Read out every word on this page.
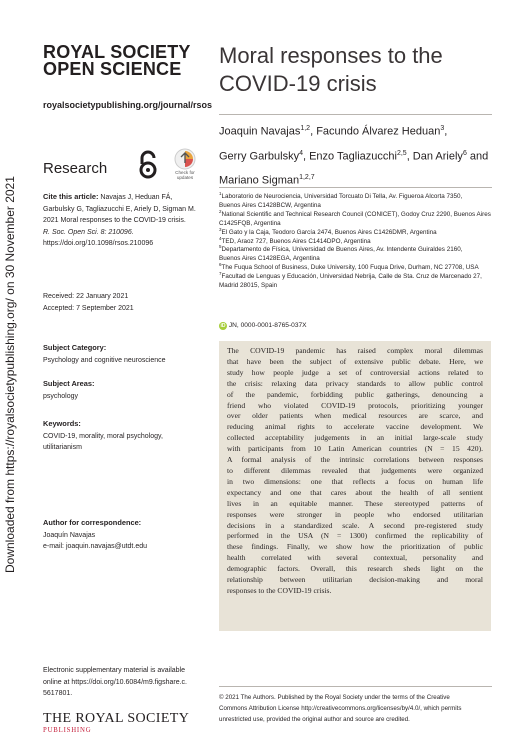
Downloaded from https://royalsocietypublishing.org/ on 30 November 2021
ROYAL SOCIETY
OPEN SCIENCE
royalsocietypublishing.org/journal/rsos
Research	Check for
updates
Cite this article: Navajas J, Heduan FÁ,
Garbulsky G, Tagliazucchi E, Ariely D, Sigman M.
2021 Moral responses to the COVID-19 crisis.
R. Soc. Open Sci. 8: 210096.
https://doi.org/10.1098/rsos.210096
Received: 22 January 2021
Accepted: 7 September 2021
Subject Category:
Psychology and cognitive neuroscience
Subject Areas:
psychology
Keywords:
COVID-19, morality, moral psychology,
utilitarianism
Author for correspondence:
Joaquín Navajas
e-mail: joaquin.navajas@utdt.edu
Electronic supplementary material is available
online at https://doi.org/10.6084/m9.figshare.c.
5617801.
THE ROYAL SOCIETY
PUBLISHING
Moral responses to the
COVID-19 crisis
Joaquin Navajas$^{1,2}$, Facundo Álvarez Heduan$^3$,
Gerry Garbulsky$^4$, Enzo Tagliazucchi$^{2,5}$, Dan Ariely$^6$ and
Mariano Sigman$^{1,2,7}$
$^1$Laboratorio de Neurociencia, Universidad Torcuato Di Tella, Av. Figueroa Alcorta 7350,
Buenos Aires C1428BCW, Argentina
$^2$National Scientific and Technical Research Council (CONICET), Godoy Cruz 2290, Buenos Aires
C1425FQB, Argentina
$^3$El Gato y la Caja, Teodoro García 2474, Buenos Aires C1426DMR, Argentina
$^4$TED, Araoz 727, Buenos Aires C1414DPO, Argentina
$^5$Departamento de Física, Universidad de Buenos Aires, Av. Intendente Guiraldes 2160,
Buenos Aires C1428EGA, Argentina
$^6$The Fuqua School of Business, Duke University, 100 Fuqua Drive, Durham, NC 27708, USA
$^7$Facultad de Lenguas y Educación, Universidad Nebrija, Calle de Sta. Cruz de Marcenado 27,
Madrid 28015, Spain
iD JN, 0000-0001-8765-037X
The COVID-19 pandemic has raised complex moral dilemmas
that have been the subject of extensive public debate. Here, we
study how people judge a set of controversial actions related to
the crisis: relaxing data privacy standards to allow public control
of the pandemic, forbidding public gatherings, denouncing a
friend who violated COVID-19 protocols, prioritizing younger
over older patients when medical resources are scarce, and
reducing animal rights to accelerate vaccine development. We
collected acceptability judgements in an initial large-scale study
with participants from 10 Latin American countries (N = 15 420).
A formal analysis of the intrinsic correlations between responses
to different dilemmas revealed that judgements were organized
in two dimensions: one that reflects a focus on human life
expectancy and one that cares about the health of all sentient
lives in an equitable manner. These stereotyped patterns of
responses were stronger in people who endorsed utilitarian
decisions in a standardized scale. A second pre-registered study
performed in the USA (N = 1300) confirmed the replicability of
these findings. Finally, we show how the prioritization of public
health correlated with several contextual, personality and
demographic factors. Overall, this research sheds light on the
relationship between utilitarian decision-making and moral
responses to the COVID-19 crisis.
© 2021 The Authors. Published by the Royal Society under the terms of the Creative
Commons Attribution License http://creativecommons.org/licenses/by/4.0/, which permits
unrestricted use, provided the original author and source are credited.
